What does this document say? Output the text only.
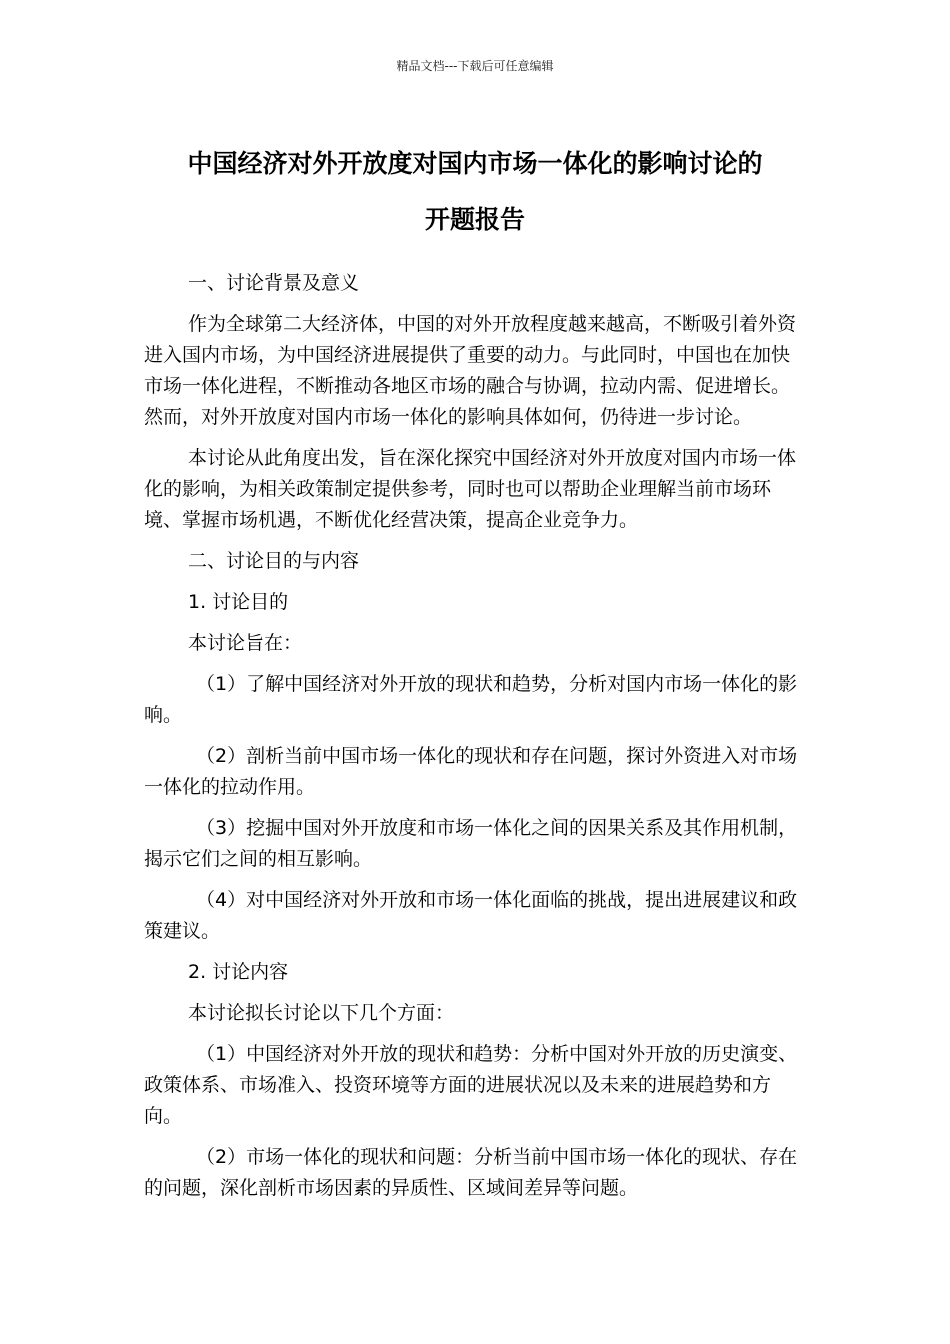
精品文档---下载后可任意编辑
中国经济对外开放度对国内市场一体化的影响讨论的
开题报告

一、讨论背景及意义

作为全球第二大经济体，中国的对外开放程度越来越高，不断吸引着外资进入国内市场，为中国经济进展提供了重要的动力。与此同时，中国也在加快市场一体化进程，不断推动各地区市场的融合与协调，拉动内需、促进增长。然而，对外开放度对国内市场一体化的影响具体如何，仍待进一步讨论。

本讨论从此角度出发，旨在深化探究中国经济对外开放度对国内市场一体化的影响，为相关政策制定提供参考，同时也可以帮助企业理解当前市场环境、掌握市场机遇，不断优化经营决策，提高企业竞争力。

二、讨论目的与内容

1. 讨论目的

本讨论旨在：

（1）了解中国经济对外开放的现状和趋势，分析对国内市场一体化的影响。

（2）剖析当前中国市场一体化的现状和存在问题，探讨外资进入对市场一体化的拉动作用。

（3）挖掘中国对外开放度和市场一体化之间的因果关系及其作用机制，揭示它们之间的相互影响。

（4）对中国经济对外开放和市场一体化面临的挑战，提出进展建议和政策建议。

2. 讨论内容

本讨论拟长讨论以下几个方面：

（1）中国经济对外开放的现状和趋势：分析中国对外开放的历史演变、政策体系、市场准入、投资环境等方面的进展状况以及未来的进展趋势和方向。

（2）市场一体化的现状和问题：分析当前中国市场一体化的现状、存在的问题，深化剖析市场因素的异质性、区域间差异等问题。
